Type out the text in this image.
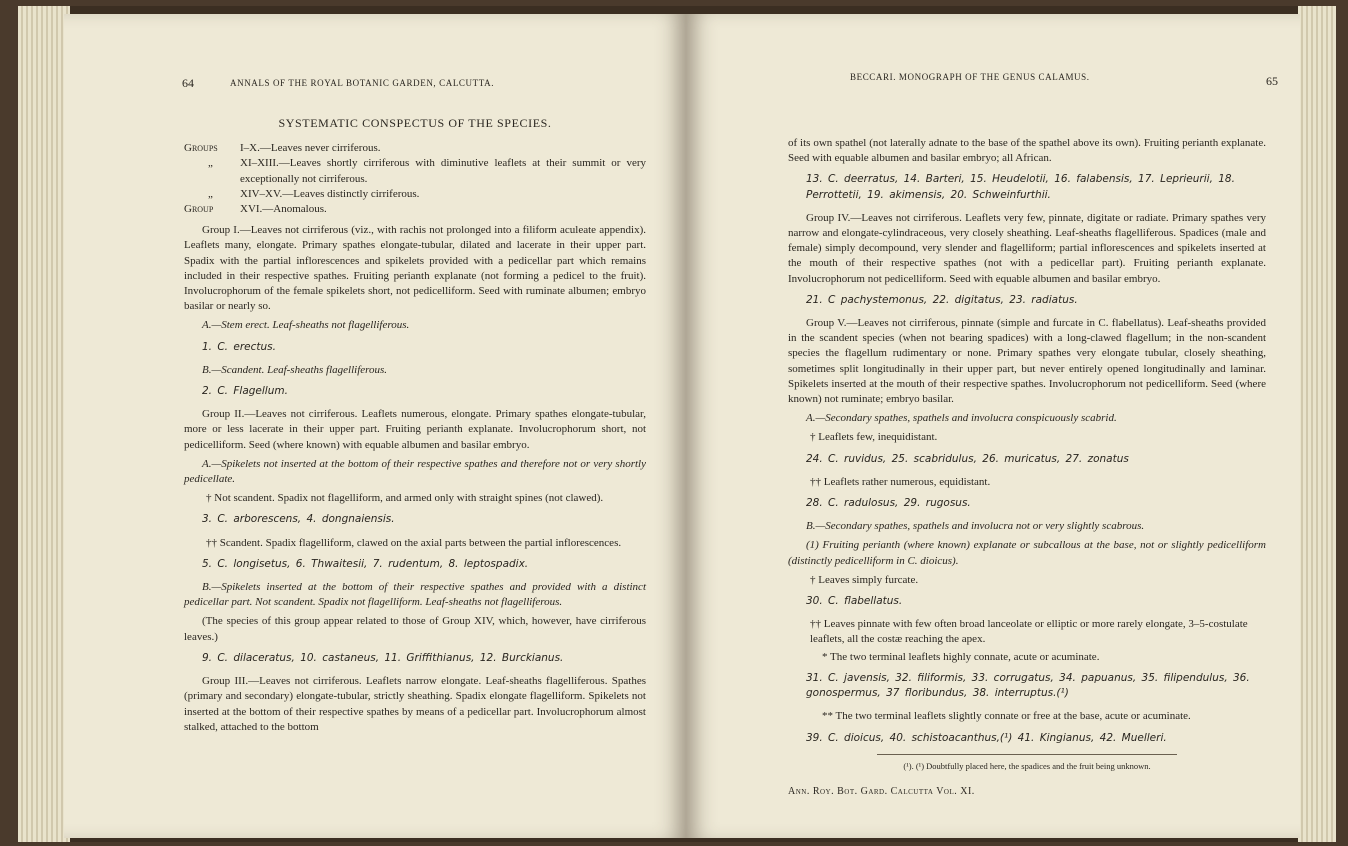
64	ANNALS OF THE ROYAL BOTANIC GARDEN, CALCUTTA.
SYSTEMATIC CONSPECTUS OF THE SPECIES.
Groups	I–X.—Leaves never cirriferous.
„	XI–XIII.—Leaves shortly cirriferous with diminutive leaflets at their summit or very exceptionally not cirriferous.
„	XIV–XV.—Leaves distinctly cirriferous.
Group	XVI.—Anomalous.

Group I.—Leaves not cirriferous (viz., with rachis not prolonged into a filiform aculeate appendix). Leaflets many, elongate. Primary spathes elongate-tubular, dilated and lacerate in their upper part. Spadix with the partial inflorescences and spikelets provided with a pedicellar part which remains included in their respective spathes. Fruiting perianth explanate (not forming a pedicel to the fruit). Involucrophorum of the female spikelets short, not pedicelliform. Seed with ruminate albumen; embryo basilar or nearly so.

A.—Stem erect. Leaf-sheaths not flagelliferous.

1. C. erectus.

B.—Scandent. Leaf-sheaths flagelliferous.

2. C. Flagellum.

Group II.—Leaves not cirriferous. Leaflets numerous, elongate. Primary spathes elongate-tubular, more or less lacerate in their upper part. Fruiting perianth explanate. Involucrophorum short, not pedicelliform. Seed (where known) with equable albumen and basilar embryo.

A.—Spikelets not inserted at the bottom of their respective spathes and therefore not or very shortly pedicellate.

† Not scandent. Spadix not flagelliform, and armed only with straight spines (not clawed).

3. C. arborescens, 4. dongnaiensis.

†† Scandent. Spadix flagelliform, clawed on the axial parts between the partial inflorescences.

5. C. longisetus, 6. Thwaitesii, 7. rudentum, 8. leptospadix.

B.—Spikelets inserted at the bottom of their respective spathes and provided with a distinct pedicellar part. Not scandent. Spadix not flagelliform. Leaf-sheaths not flagelliferous.

(The species of this group appear related to those of Group XIV, which, however, have cirriferous leaves.)

9. C. dilaceratus, 10. castaneus, 11. Griffithianus, 12. Burckianus.

Group III.—Leaves not cirriferous. Leaflets narrow elongate. Leaf-sheaths flagelliferous. Spathes (primary and secondary) elongate-tubular, strictly sheathing. Spadix elongate flagelliform. Spikelets not inserted at the bottom of their respective spathes by means of a pedicellar part. Involucrophorum almost stalked, attached to the bottom

BECCARI. MONOGRAPH OF THE GENUS CALAMUS.	65

of its own spathel (not laterally adnate to the base of the spathel above its own). Fruiting perianth explanate. Seed with equable albumen and basilar embryo; all African.

13. C. deerratus, 14. Barteri, 15. Heudelotii, 16. falabensis, 17. Leprieurii, 18. Perrottetii, 19. akimensis, 20. Schweinfurthii.

Group IV.—Leaves not cirriferous. Leaflets very few, pinnate, digitate or radiate. Primary spathes very narrow and elongate-cylindraceous, very closely sheathing. Leaf-sheaths flagelliferous. Spadices (male and female) simply decompound, very slender and flagelliform; partial inflorescences and spikelets inserted at the mouth of their respective spathes (not with a pedicellar part). Fruiting perianth explanate. Involucrophorum not pedicelliform. Seed with equable albumen and basilar embryo.

21. C pachystemonus, 22. digitatus, 23. radiatus.

Group V.—Leaves not cirriferous, pinnate (simple and furcate in C. flabellatus). Leaf-sheaths provided in the scandent species (when not bearing spadices) with a long-clawed flagellum; in the non-scandent species the flagellum rudimentary or none. Primary spathes very elongate tubular, closely sheathing, sometimes split longitudinally in their upper part, but never entirely opened longitudinally and laminar. Spikelets inserted at the mouth of their respective spathes. Involucrophorum not pedicelliform. Seed (where known) not ruminate; embryo basilar.

A.—Secondary spathes, spathels and involucra conspicuously scabrid.

† Leaflets few, inequidistant.

24. C. ruvidus, 25. scabridulus, 26. muricatus, 27. zonatus

†† Leaflets rather numerous, equidistant.

28. C. radulosus, 29. rugosus.

B.—Secondary spathes, spathels and involucra not or very slightly scabrous.

(1) Fruiting perianth (where known) explanate or subcallous at the base, not or slightly pedicelliform (distinctly pedicelliform in C. dioicus).

† Leaves simply furcate.

30. C. flabellatus.

†† Leaves pinnate with few often broad lanceolate or elliptic or more rarely elongate, 3–5-costulate leaflets, all the costæ reaching the apex.

* The two terminal leaflets highly connate, acute or acuminate.

31. C. javensis, 32. filiformis, 33. corrugatus, 34. papuanus, 35. filipendulus, 36. gonospermus, 37 floribundus, 38. interruptus.(¹)

** The two terminal leaflets slightly connate or free at the base, acute or acuminate.

39. C. dioicus, 40. schistoacanthus,(¹) 41. Kingianus, 42. Muelleri.
(¹). (¹) Doubtfully placed here, the spadices and the fruit being unknown.
Ann. Roy. Bot. Gard. Calcutta Vol. XI.
